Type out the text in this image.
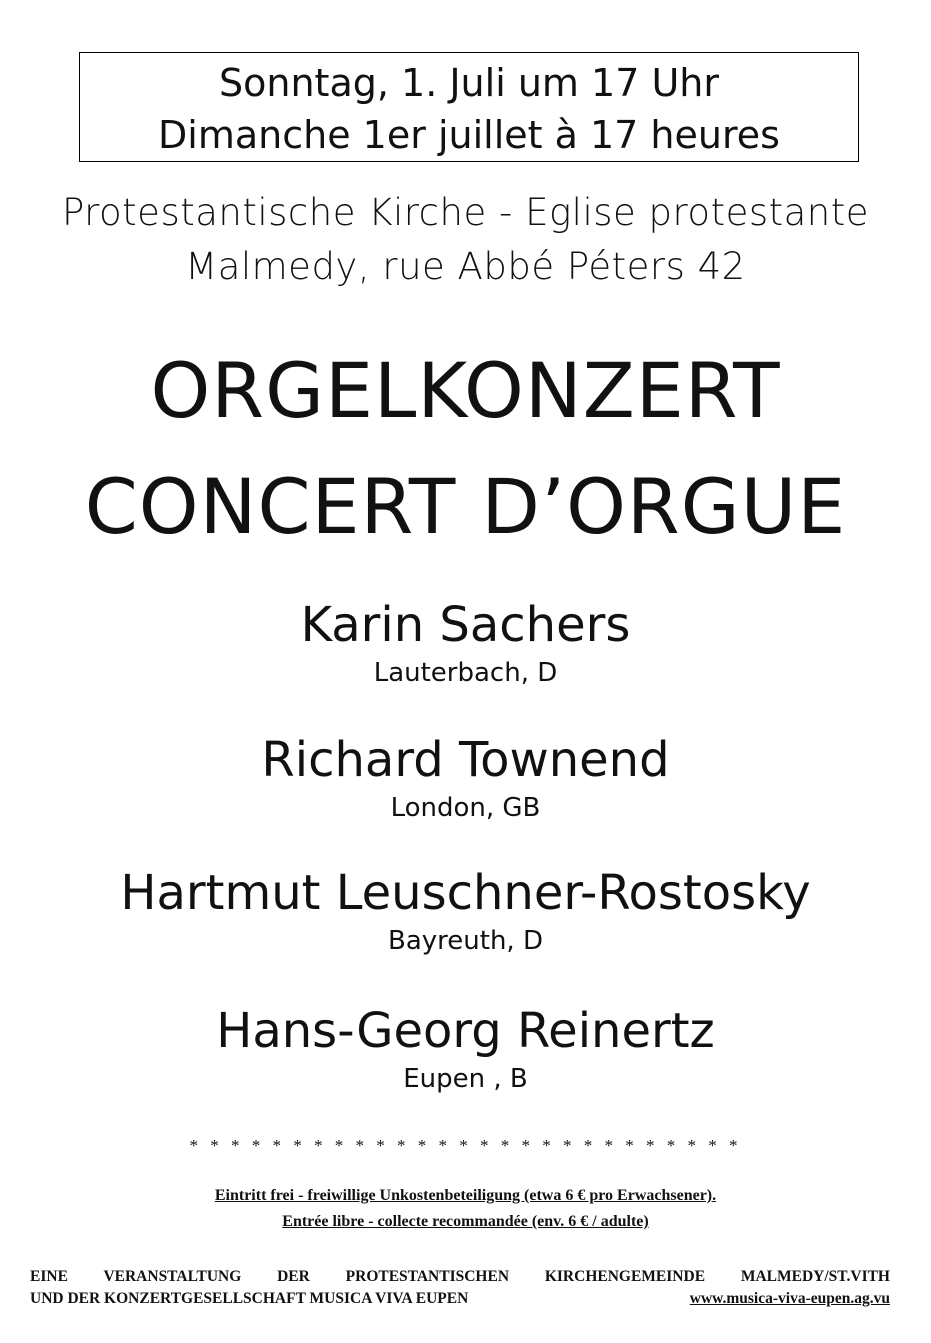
Sonntag, 1. Juli um 17 Uhr
Dimanche 1er juillet à 17 heures
Protestantische Kirche - Eglise protestante
Malmedy, rue Abbé Péters 42
ORGELKONZERT
CONCERT D’ORGUE
Karin Sachers
Lauterbach, D
Richard Townend
London, GB
Hartmut Leuschner-Rostosky
Bayreuth, D
Hans-Georg Reinertz
Eupen , B
* * * * * * * * * * * * * * * * * * * * * * * * * * *
Eintritt frei - freiwillige Unkostenbeteiligung (etwa 6 € pro Erwachsener).
Entrée libre - collecte recommandée (env. 6 € / adulte)
EINE VERANSTALTUNG DER PROTESTANTISCHEN KIRCHENGEMEINDE MALMEDY/ST.VITH
UND DER KONZERTGESELLSCHAFT MUSICA VIVA EUPEN	www.musica-viva-eupen.ag.vu
